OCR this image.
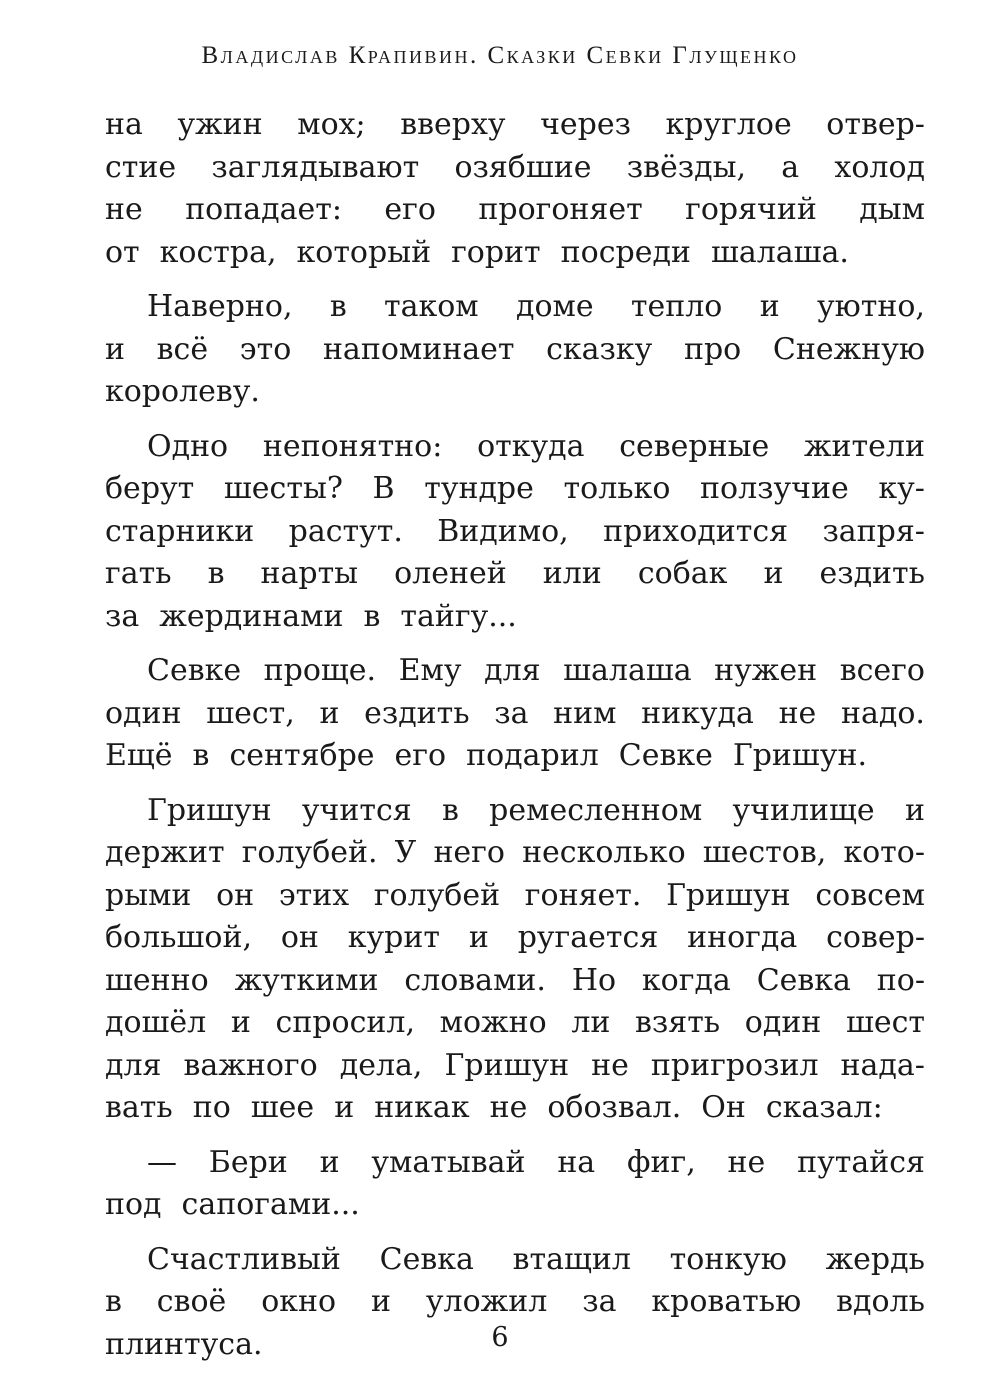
Владислав Крапивин. Сказки Севки Глущенко
на ужин мох; вверху через круглое отвер-
стие заглядывают озябшие звёзды, а холод
не попадает: его прогоняет горячий дым
от костра, который горит посреди шалаша.
Наверно, в таком доме тепло и уютно,
и всё это напоминает сказку про Снежную
королеву.
Одно непонятно: откуда северные жители
берут шесты? В тундре только ползучие ку-
старники растут. Видимо, приходится запря-
гать в нарты оленей или собак и ездить
за жердинами в тайгу...
Севке проще. Ему для шалаша нужен всего
один шест, и ездить за ним никуда не надо.
Ещё в сентябре его подарил Севке Гришун.
Гришун учится в ремесленном училище и
держит голубей. У него несколько шестов, кото-
рыми он этих голубей гоняет. Гришун совсем
большой, он курит и ругается иногда совер-
шенно жуткими словами. Но когда Севка по-
дошёл и спросил, можно ли взять один шест
для важного дела, Гришун не пригрозил нада-
вать по шее и никак не обозвал. Он сказал:
— Бери и уматывай на фиг, не путайся
под сапогами...
Счастливый Севка втащил тонкую жердь
в своё окно и уложил за кроватью вдоль
плинтуса.	6
